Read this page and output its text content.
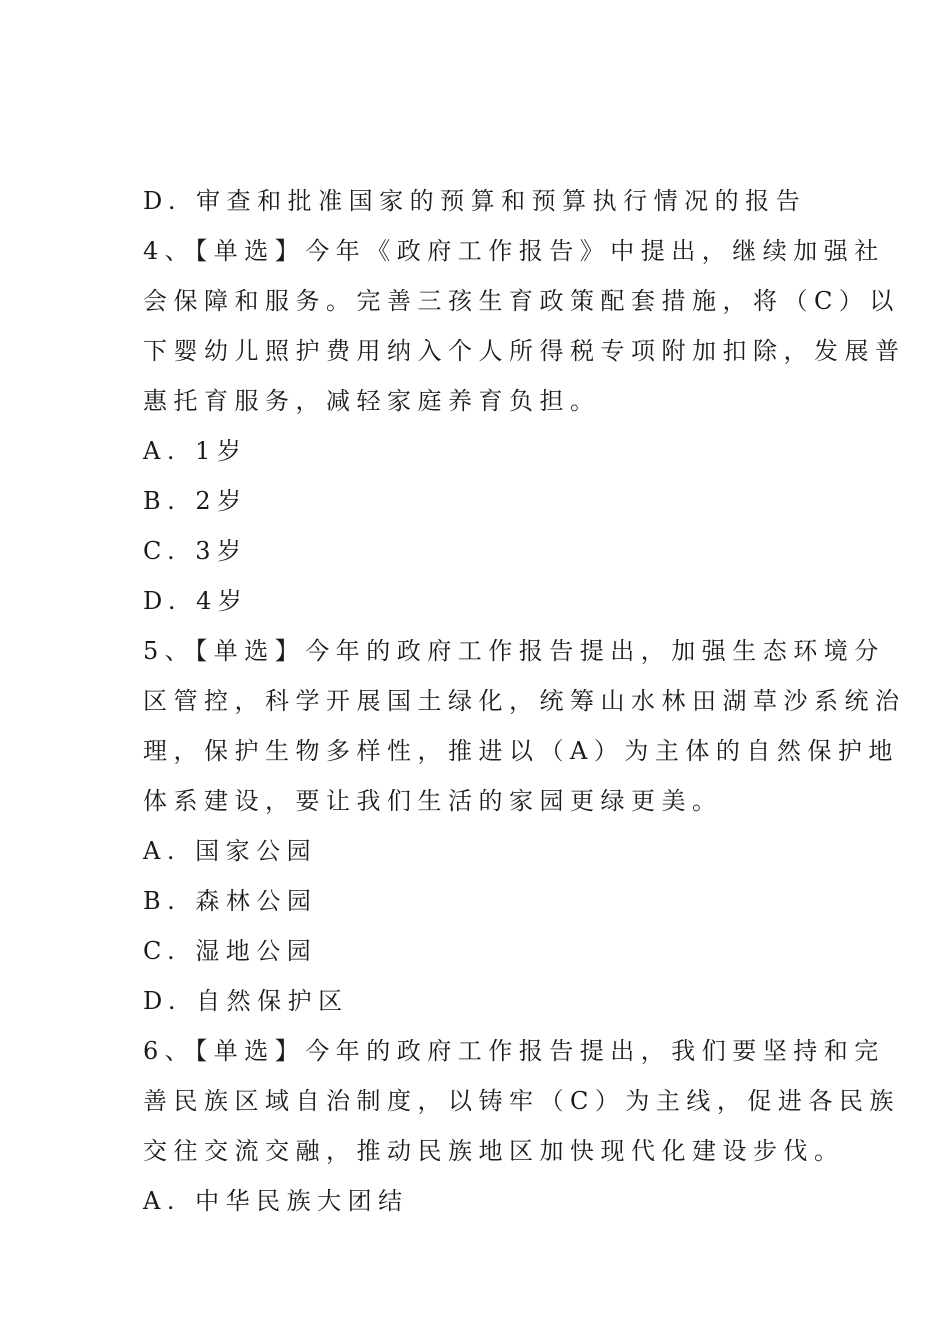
D. 审查和批准国家的预算和预算执行情况的报告
4、【单选】今年《政府工作报告》中提出，继续加强社
会保障和服务。完善三孩生育政策配套措施，将（C）以
下婴幼儿照护费用纳入个人所得税专项附加扣除，发展普
惠托育服务，减轻家庭养育负担。
A. 1岁
B. 2岁
C. 3岁
D. 4岁
5、【单选】今年的政府工作报告提出，加强生态环境分
区管控，科学开展国土绿化，统筹山水林田湖草沙系统治
理，保护生物多样性，推进以（A）为主体的自然保护地
体系建设，要让我们生活的家园更绿更美。
A. 国家公园
B. 森林公园
C. 湿地公园
D. 自然保护区
6、【单选】今年的政府工作报告提出，我们要坚持和完
善民族区域自治制度，以铸牢（C）为主线，促进各民族
交往交流交融，推动民族地区加快现代化建设步伐。
A. 中华民族大团结
